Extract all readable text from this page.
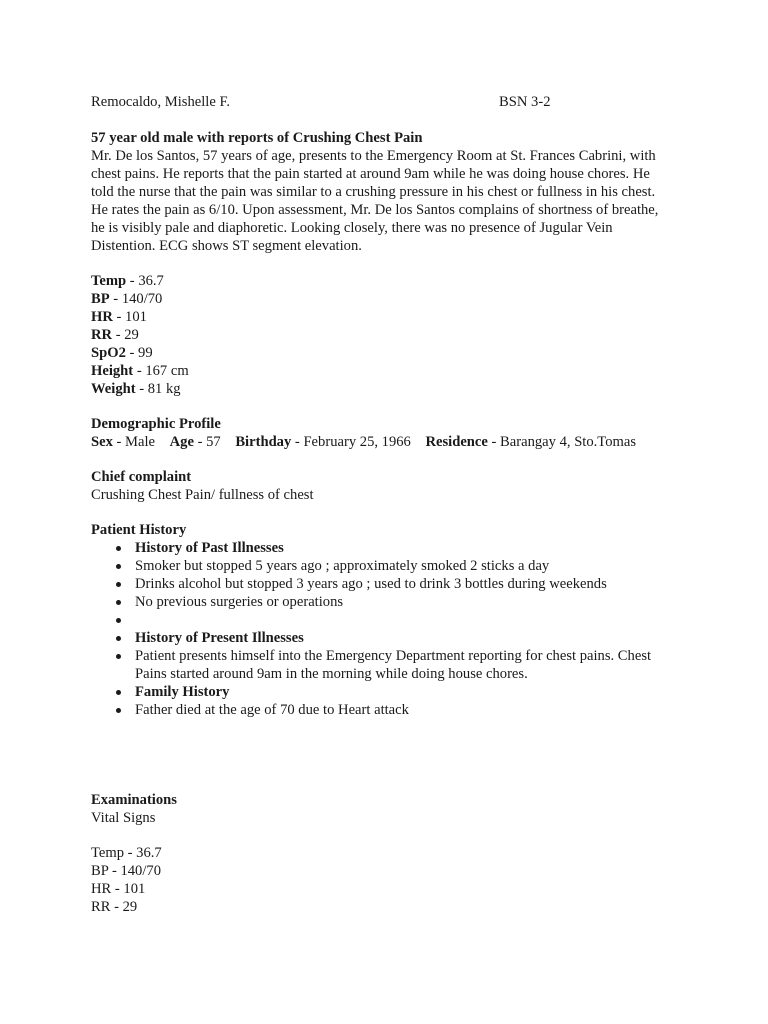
Remocaldo, Mishelle F.	BSN 3-2

57 year old male with reports of Crushing Chest Pain

Mr. De los Santos, 57 years of age, presents to the Emergency Room at St. Frances Cabrini, with

chest pains. He reports that the pain started at around 9am while he was doing house chores. He

told the nurse that the pain was similar to a crushing pressure in his chest or fullness in his chest.

He rates the pain as 6/10. Upon assessment, Mr. De los Santos complains of shortness of breathe,

he is visibly pale and diaphoretic. Looking closely, there was no presence of Jugular Vein

Distention. ECG shows ST segment elevation.

Temp - 36.7

BP - 140/70

HR - 101

RR - 29

SpO2 - 99

Height - 167 cm

Weight - 81 kg

Demographic Profile

Sex - Male    Age - 57    Birthday - February 25, 1966    Residence - Barangay 4, Sto.Tomas

Chief complaint

Crushing Chest Pain/ fullness of chest

Patient History

History of Past Illnesses
Smoker but stopped 5 years ago ; approximately smoked 2 sticks a day
Drinks alcohol but stopped 3 years ago ; used to drink 3 bottles during weekends
No previous surgeries or operations
History of Present Illnesses
Patient presents himself into the Emergency Department reporting for chest pains. Chest
Pains started around 9am in the morning while doing house chores.
Family History
Father died at the age of 70 due to Heart attack

Examinations

Vital Signs

Temp - 36.7

BP - 140/70

HR - 101

RR - 29
